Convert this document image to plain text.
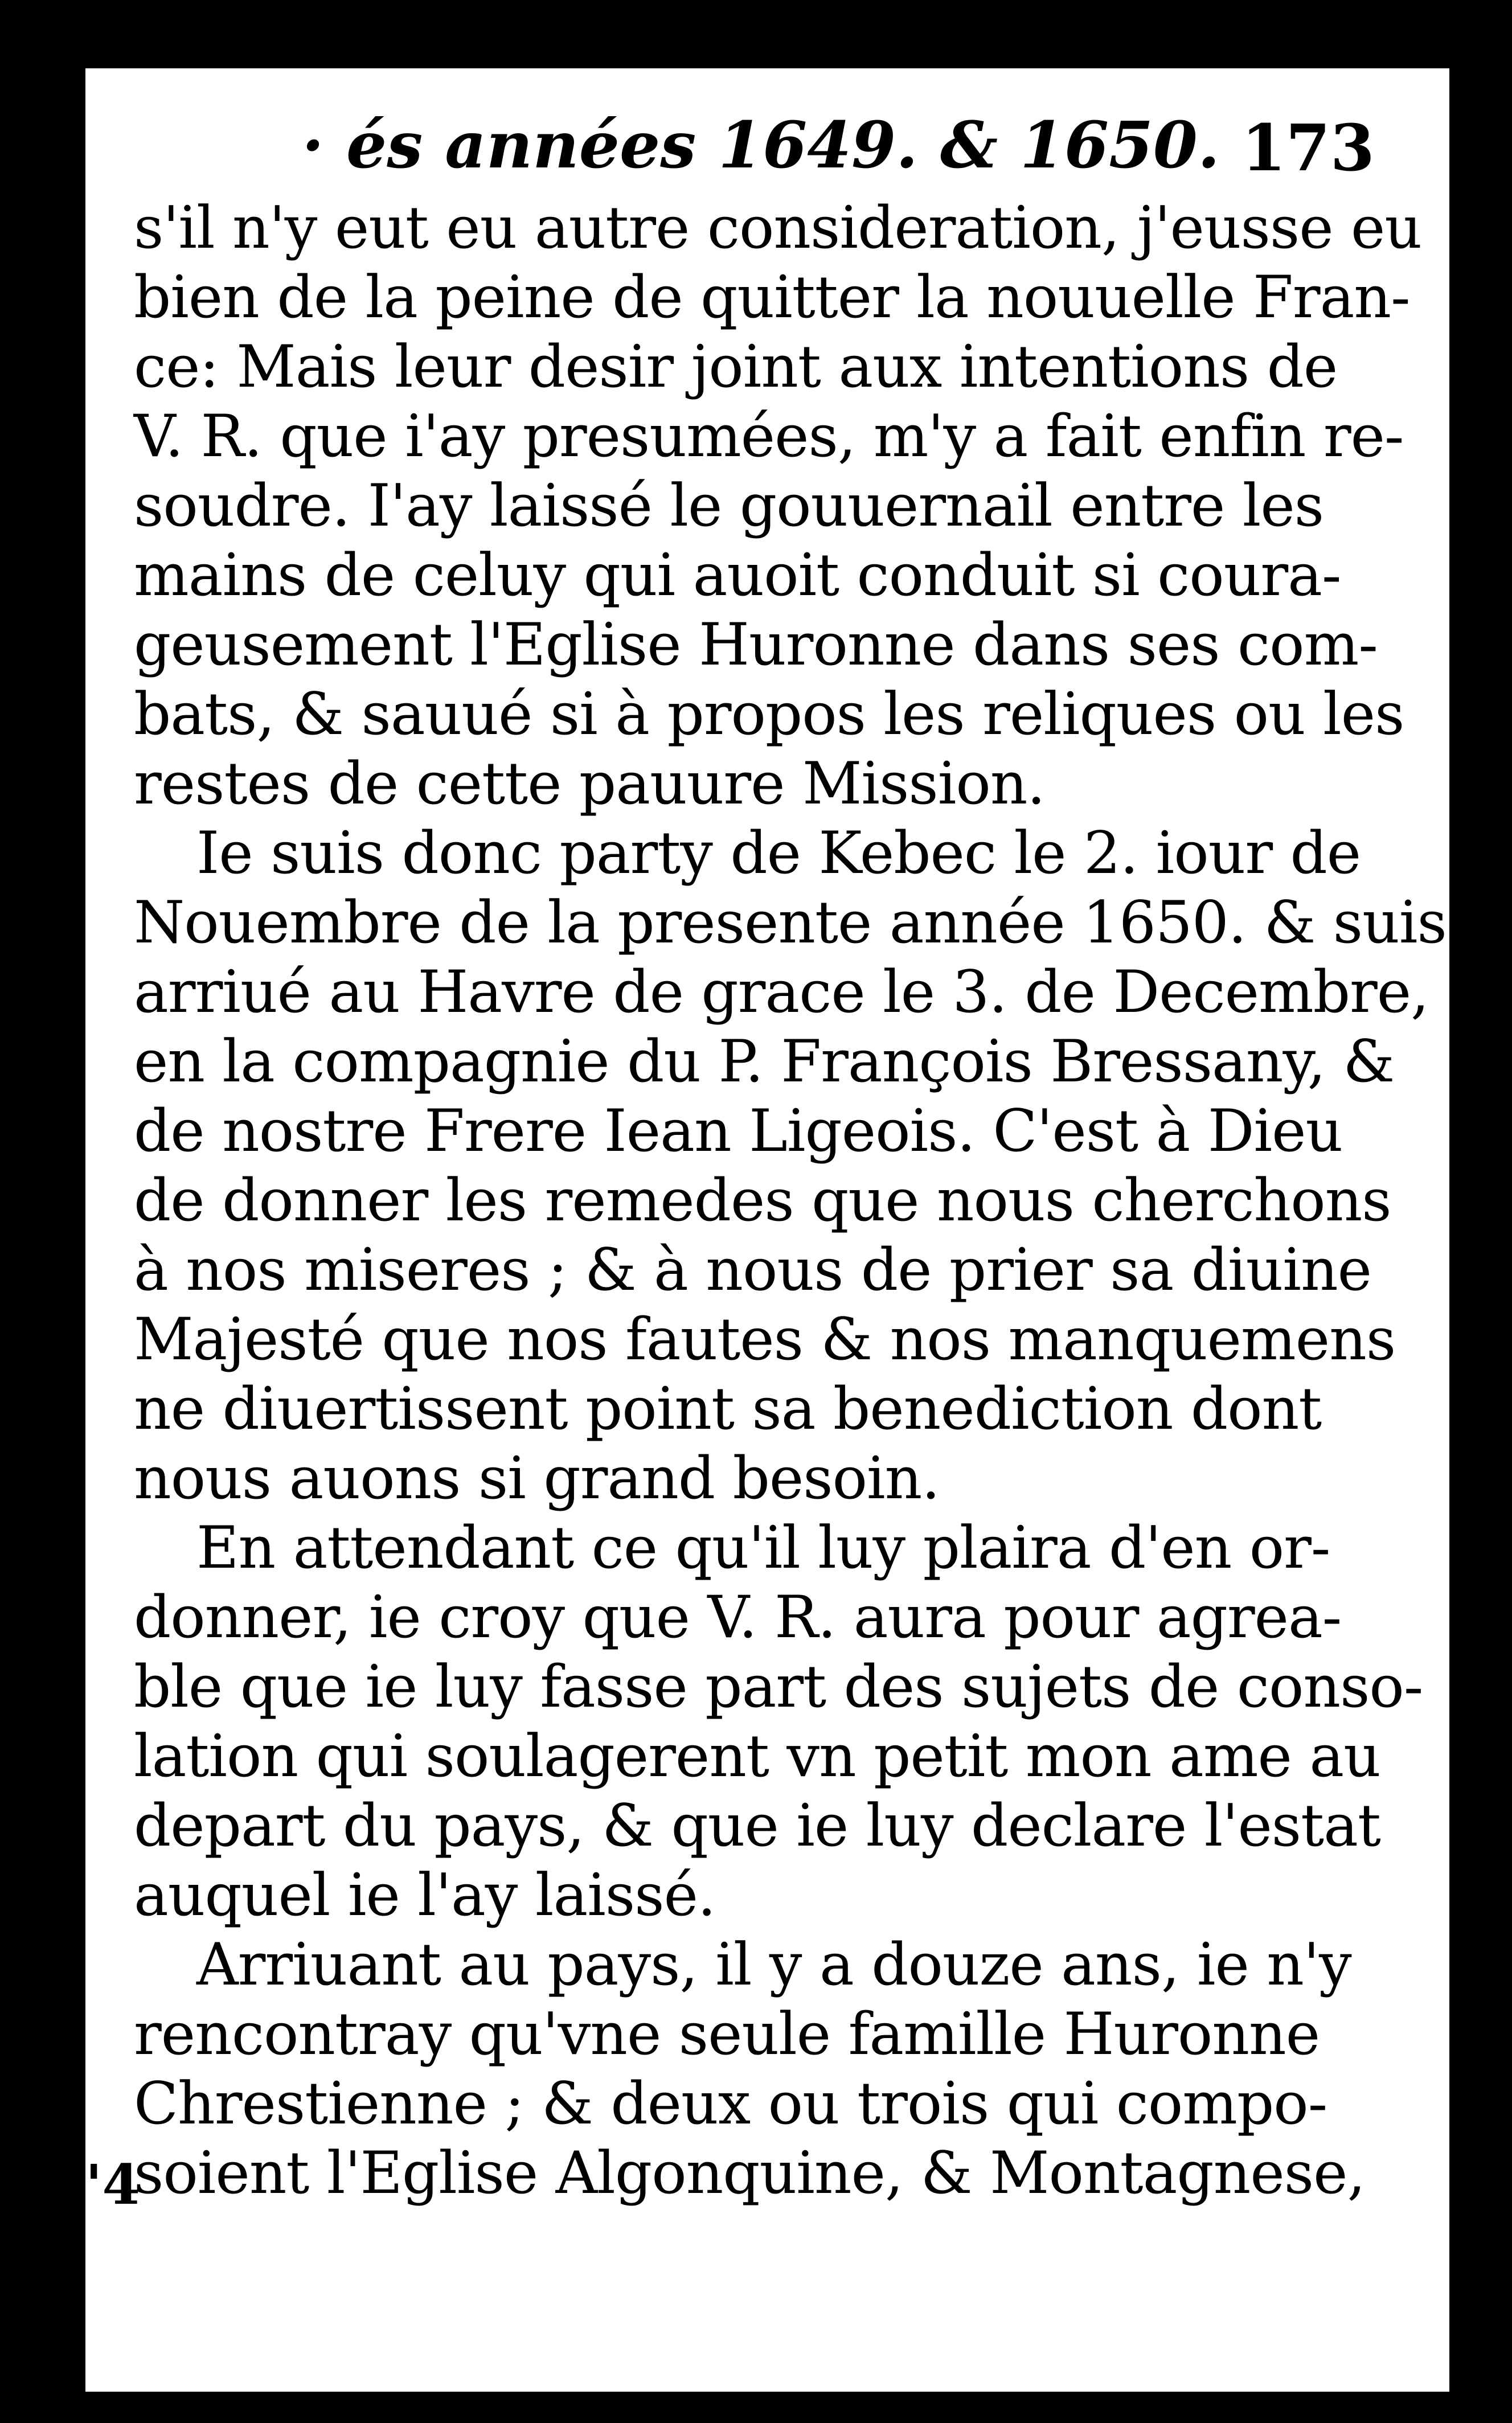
· és années 1649. & 1650. 173
s'il n'y eut eu autre consideration, j'eusse eu
bien de la peine de quitter la nouuelle Fran-
ce: Mais leur desir joint aux intentions de
V. R. que i'ay presumées, m'y a fait enfin re-
soudre. I'ay laissé le gouuernail entre les
mains de celuy qui auoit conduit si coura-
geusement l'Eglise Huronne dans ses com-
bats, & sauué si à propos les reliques ou les
restes de cette pauure Mission.
Ie suis donc party de Kebec le 2. iour de
Nouembre de la presente année 1650. & suis
arriué au Havre de grace le 3. de Decembre,
en la compagnie du P. François Bressany, &
de nostre Frere Iean Ligeois. C'est à Dieu
de donner les remedes que nous cherchons
à nos miseres ; & à nous de prier sa diuine
Majesté que nos fautes & nos manquemens
ne diuertissent point sa benediction dont
nous auons si grand besoin.
En attendant ce qu'il luy plaira d'en or-
donner, ie croy que V. R. aura pour agrea-
ble que ie luy fasse part des sujets de conso-
lation qui soulagerent vn petit mon ame au
depart du pays, & que ie luy declare l'estat
auquel ie l'ay laissé.
Arriuant au pays, il y a douze ans, ie n'y
rencontray qu'vne seule famille Huronne
Chrestienne ; & deux ou trois qui compo-
soient l'Eglise Algonquine, & Montagnese,
'4
